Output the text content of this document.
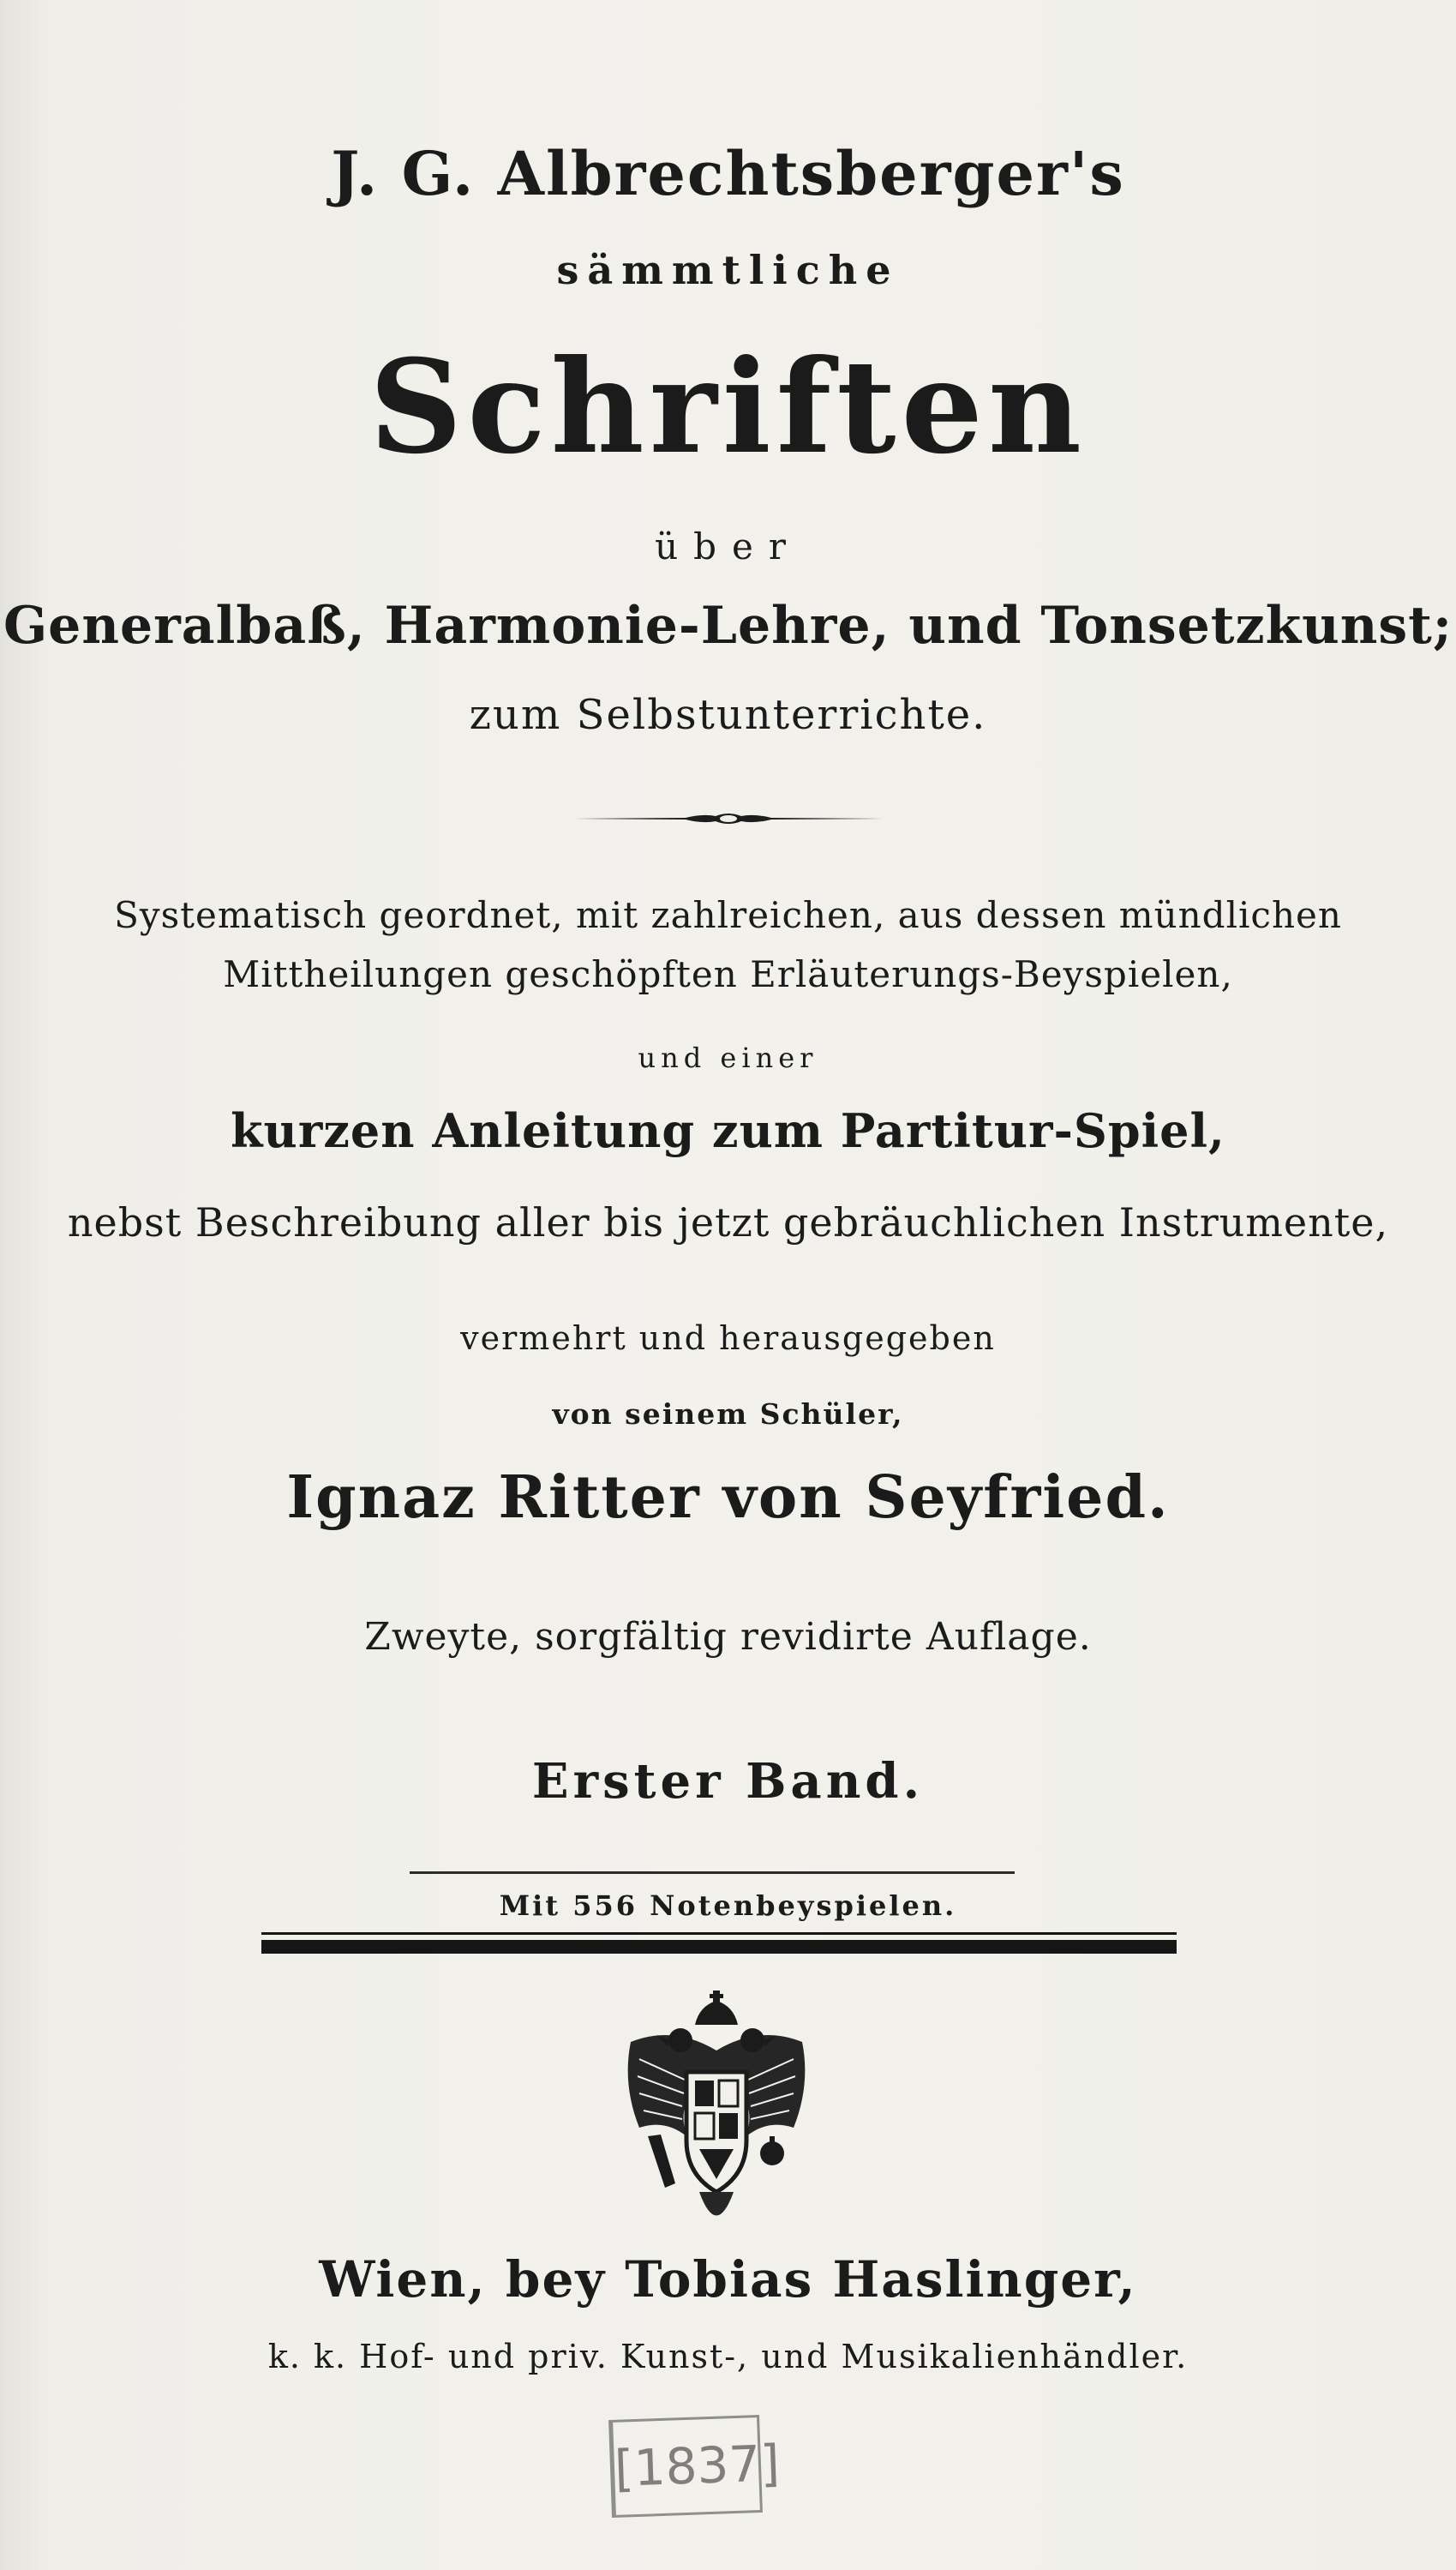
J. G. Albrechtsberger's
sämmtliche
Schriften
über
Generalbaß, Harmonie-Lehre, und Tonsetzkunst;
zum Selbstunterrichte.
Systematisch geordnet, mit zahlreichen, aus dessen mündlichen
Mittheilungen geschöpften Erläuterungs-Beyspielen,
und einer
kurzen Anleitung zum Partitur-Spiel,
nebst Beschreibung aller bis jetzt gebräuchlichen Instrumente,
vermehrt und herausgegeben
von seinem Schüler,
Ignaz Ritter von Seyfried.
Zweyte, sorgfältig revidirte Auflage.
Erster Band.
Mit 556 Notenbeyspielen.
Wien, bey Tobias Haslinger,
k. k. Hof- und priv. Kunst-, und Musikalienhändler.
[1837]
